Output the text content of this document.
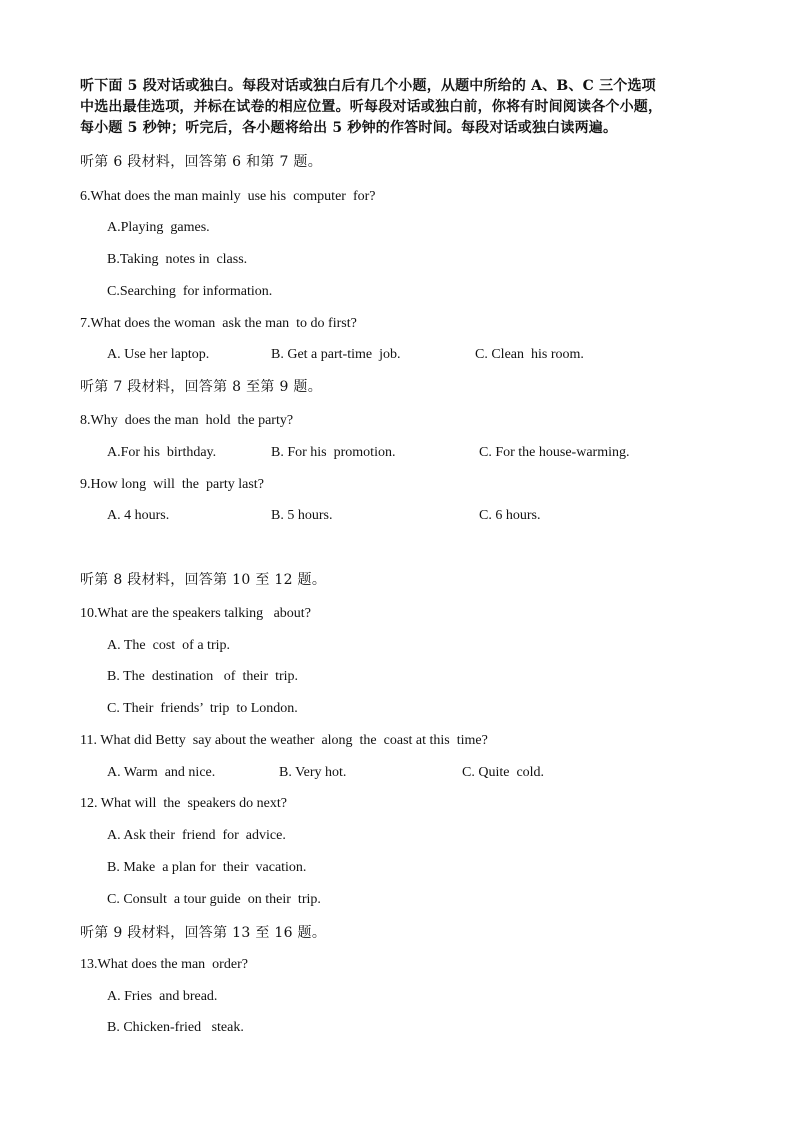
听下面 5 段对话或独白。每段对话或独白后有几个小题，从题中所给的 A、B、C 三个选项
中选出最佳选项，并标在试卷的相应位置。听每段对话或独白前，你将有时间阅读各个小题，
每小题 5 秒钟；听完后，各小题将给出 5 秒钟的作答时间。每段对话或独白读两遍。
听第 6 段材料，回答第 6 和第 7 题。
6.What does the man mainly  use his  computer  for?
A.Playing  games.
B.Taking  notes in  class.
C.Searching  for information.
7.What does the woman  ask the man  to do first?
A. Use her laptop.	B. Get a part-time  job.	C. Clean  his room.
听第 7 段材料，回答第 8 至第 9 题。
8.Why  does the man  hold  the party?
A.For his  birthday.	B. For his  promotion.	C. For the house-warming.
9.How long  will  the  party last?
A. 4 hours.	B. 5 hours.	C. 6 hours.
听第 8 段材料，回答第 10 至 12 题。
10.What are the speakers talking   about?
A. The  cost  of a trip.
B. The  destination   of  their  trip.
C. Their  friends’  trip  to London.
11. What did Betty  say about the weather  along  the  coast at this  time?
A. Warm  and nice.	B. Very hot.	C. Quite  cold.
12. What will  the  speakers do next?
A. Ask their  friend  for  advice.
B. Make  a plan for  their  vacation.
C. Consult  a tour guide  on their  trip.
听第 9 段材料，回答第 13 至 16 题。
13.What does the man  order?
A. Fries  and bread.
B. Chicken-fried   steak.
